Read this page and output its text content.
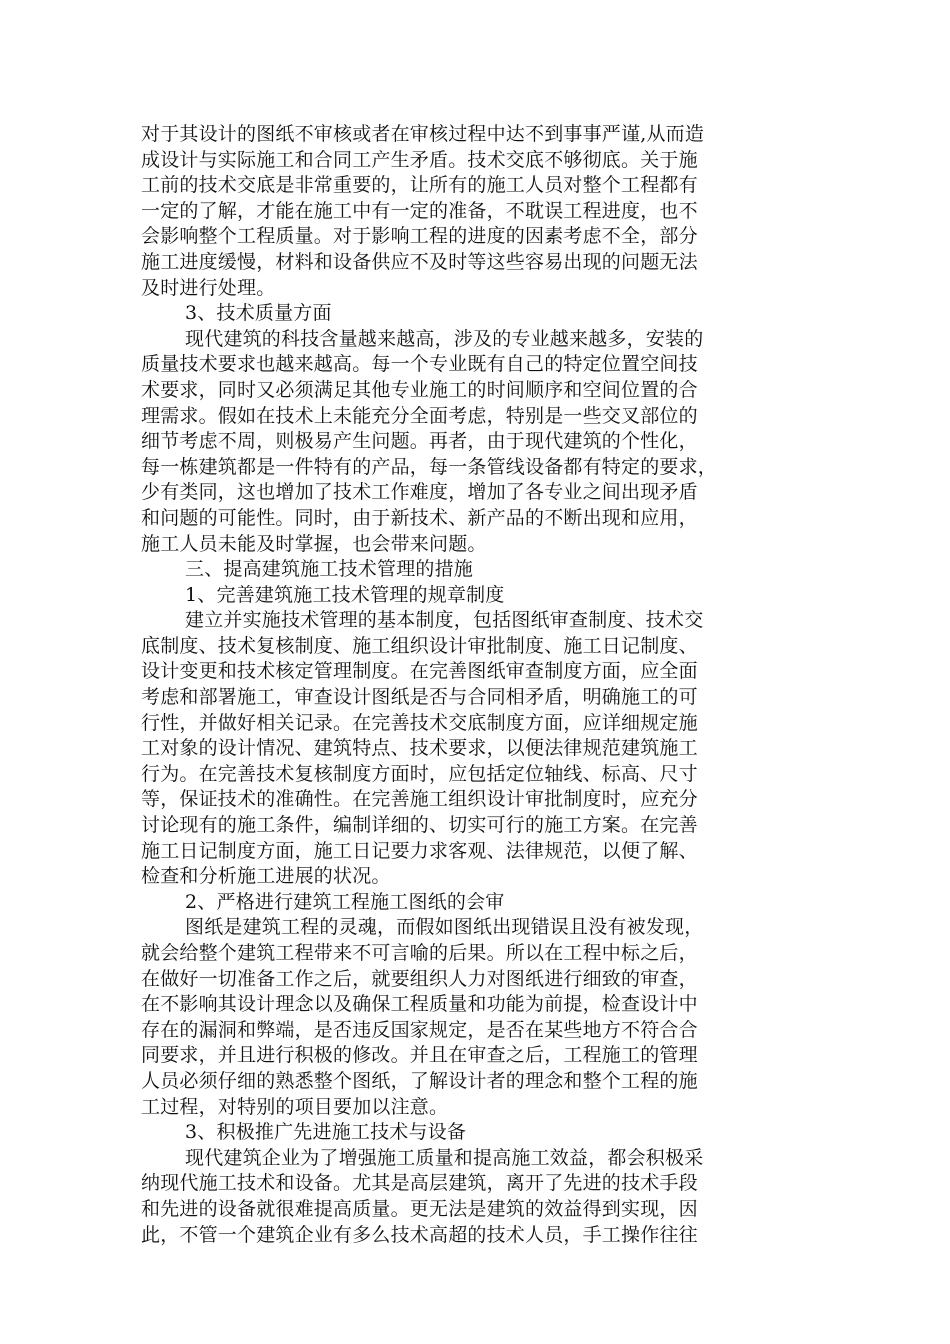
对于其设计的图纸不审核或者在审核过程中达不到事事严谨,从而造
成设计与实际施工和合同工产生矛盾。技术交底不够彻底。关于施
工前的技术交底是非常重要的，让所有的施工人员对整个工程都有
一定的了解，才能在施工中有一定的准备，不耽误工程进度，也不
会影响整个工程质量。对于影响工程的进度的因素考虑不全，部分
施工进度缓慢，材料和设备供应不及时等这些容易出现的问题无法
及时进行处理。
3、技术质量方面
现代建筑的科技含量越来越高，涉及的专业越来越多，安装的
质量技术要求也越来越高。每一个专业既有自己的特定位置空间技
术要求，同时又必须满足其他专业施工的时间顺序和空间位置的合
理需求。假如在技术上未能充分全面考虑，特别是一些交叉部位的
细节考虑不周，则极易产生问题。再者，由于现代建筑的个性化，
每一栋建筑都是一件特有的产品，每一条管线设备都有特定的要求，
少有类同，这也增加了技术工作难度，增加了各专业之间出现矛盾
和问题的可能性。同时，由于新技术、新产品的不断出现和应用，
施工人员未能及时掌握，也会带来问题。
三、提高建筑施工技术管理的措施
1、完善建筑施工技术管理的规章制度
建立并实施技术管理的基本制度，包括图纸审查制度、技术交
底制度、技术复核制度、施工组织设计审批制度、施工日记制度、
设计变更和技术核定管理制度。在完善图纸审查制度方面，应全面
考虑和部署施工，审查设计图纸是否与合同相矛盾，明确施工的可
行性，并做好相关记录。在完善技术交底制度方面，应详细规定施
工对象的设计情况、建筑特点、技术要求，以便法律规范建筑施工
行为。在完善技术复核制度方面时，应包括定位轴线、标高、尺寸
等，保证技术的准确性。在完善施工组织设计审批制度时，应充分
讨论现有的施工条件，编制详细的、切实可行的施工方案。在完善
施工日记制度方面，施工日记要力求客观、法律规范，以便了解、
检查和分析施工进展的状况。
2、严格进行建筑工程施工图纸的会审
图纸是建筑工程的灵魂，而假如图纸出现错误且没有被发现，
就会给整个建筑工程带来不可言喻的后果。所以在工程中标之后，
在做好一切准备工作之后，就要组织人力对图纸进行细致的审查，
在不影响其设计理念以及确保工程质量和功能为前提，检查设计中
存在的漏洞和弊端，是否违反国家规定，是否在某些地方不符合合
同要求，并且进行积极的修改。并且在审查之后，工程施工的管理
人员必须仔细的熟悉整个图纸，了解设计者的理念和整个工程的施
工过程，对特别的项目要加以注意。
3、积极推广先进施工技术与设备
现代建筑企业为了增强施工质量和提高施工效益，都会积极采
纳现代施工技术和设备。尤其是高层建筑，离开了先进的技术手段
和先进的设备就很难提高质量。更无法是建筑的效益得到实现，因
此，不管一个建筑企业有多么技术高超的技术人员，手工操作往往
